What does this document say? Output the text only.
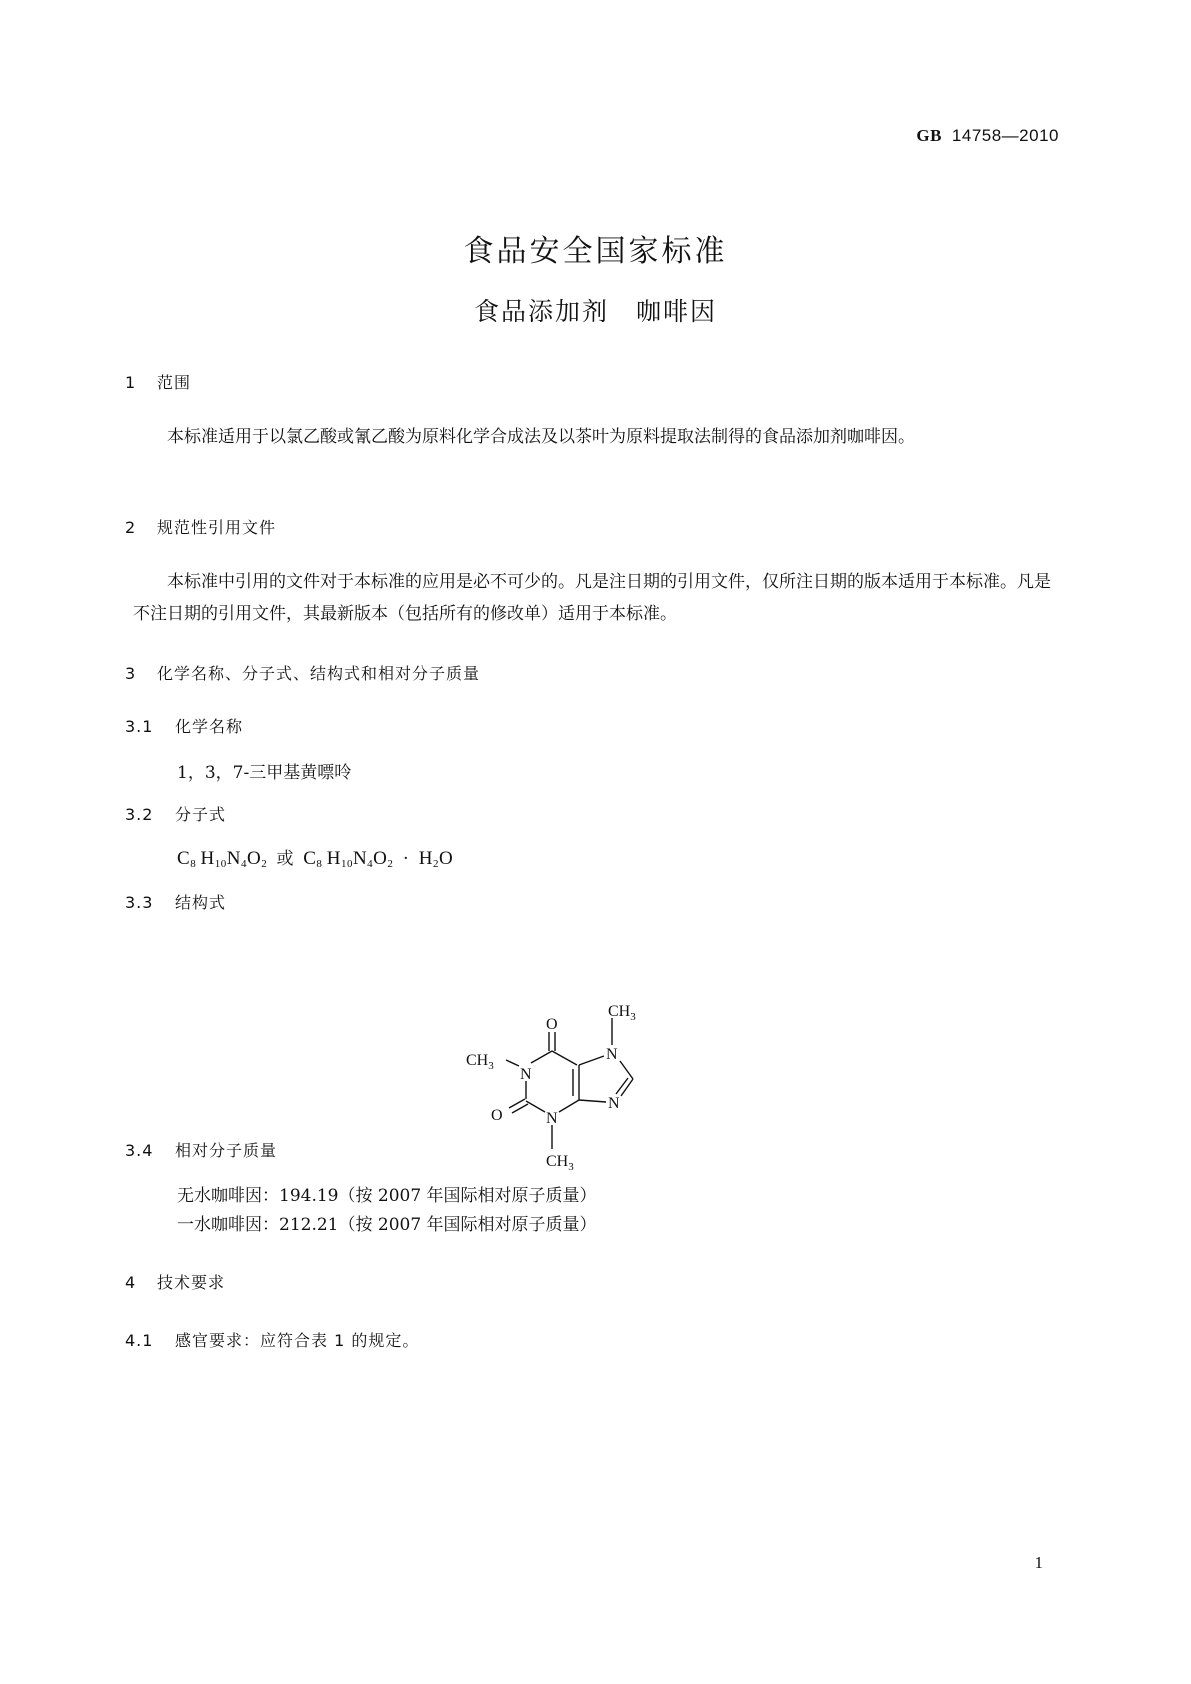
GB 14758—2010
食品安全国家标准
食品添加剂　咖啡因
1 范围

本标准适用于以氯乙酸或氰乙酸为原料化学合成法及以茶叶为原料提取法制得的食品添加剂咖啡因。

2 规范性引用文件

本标准中引用的文件对于本标准的应用是必不可少的。凡是注日期的引用文件，仅所注日期的版本适用于本标准。凡是不注日期的引用文件，其最新版本（包括所有的修改单）适用于本标准。

3 化学名称、分子式、结构式和相对分子质量
3.1 化学名称
1，3，7-三甲基黄嘌呤
3.2 分子式
$C_8$  $H_{10}N_4O_2$ 或 $C_8$  $H_{10}N_4O_2 \cdot H_2O$
3.3 结构式
O
O
N
N
N
N
$CH_3$
$CH_3$
$CH_3$
3.4 相对分子质量
无水咖啡因：194.19（按 2007 年国际相对原子质量）
一水咖啡因：212.21（按 2007 年国际相对原子质量）
4 技术要求
4.1 感官要求：应符合表 1 的规定。
1
